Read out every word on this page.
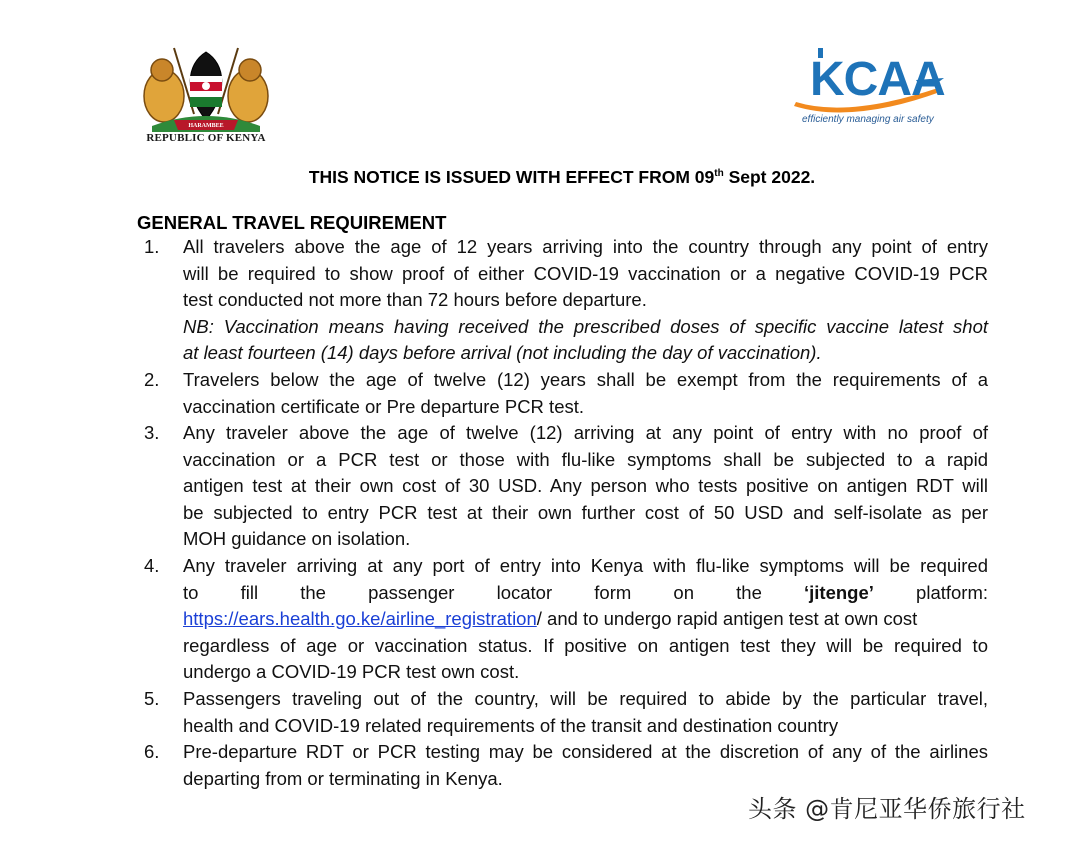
HARAMBEE
REPUBLIC OF KENYA
KCAA
efficiently managing air safety
THIS NOTICE IS ISSUED WITH EFFECT FROM 09th Sept 2022.
GENERAL TRAVEL REQUIREMENT
1. All travelers above the age of 12 years arriving into the country through any point of entry
will be required to show proof of either COVID-19 vaccination or a negative COVID-19 PCR
test conducted not more than 72 hours before departure.
NB: Vaccination means having received the prescribed doses of specific vaccine latest shot
at least fourteen (14) days before arrival (not including the day of vaccination).
2. Travelers below the age of twelve (12) years shall be exempt from the requirements of a
vaccination certificate or Pre departure PCR test.
3. Any traveler above the age of twelve (12) arriving at any point of entry with no proof of
vaccination or a PCR test or those with flu-like symptoms shall be subjected to a rapid
antigen test at their own cost of 30 USD. Any person who tests positive on antigen RDT will
be subjected to entry PCR test at their own further cost of 50 USD and self-isolate as per
MOH guidance on isolation.
4. Any traveler arriving at any port of entry into Kenya with flu-like symptoms will be required
to fill the passenger locator form on the ‘jitenge’ platform:
https://ears.health.go.ke/airline_registration/ and to undergo rapid antigen test at own cost
regardless of age or vaccination status. If positive on antigen test they will be required to
undergo a COVID-19 PCR test own cost.
5. Passengers traveling out of the country, will be required to abide by the particular travel,
health and COVID-19 related requirements of the transit and destination country
6. Pre-departure RDT or PCR testing may be considered at the discretion of any of the airlines
departing from or terminating in Kenya.
头条 @肯尼亚华侨旅行社
